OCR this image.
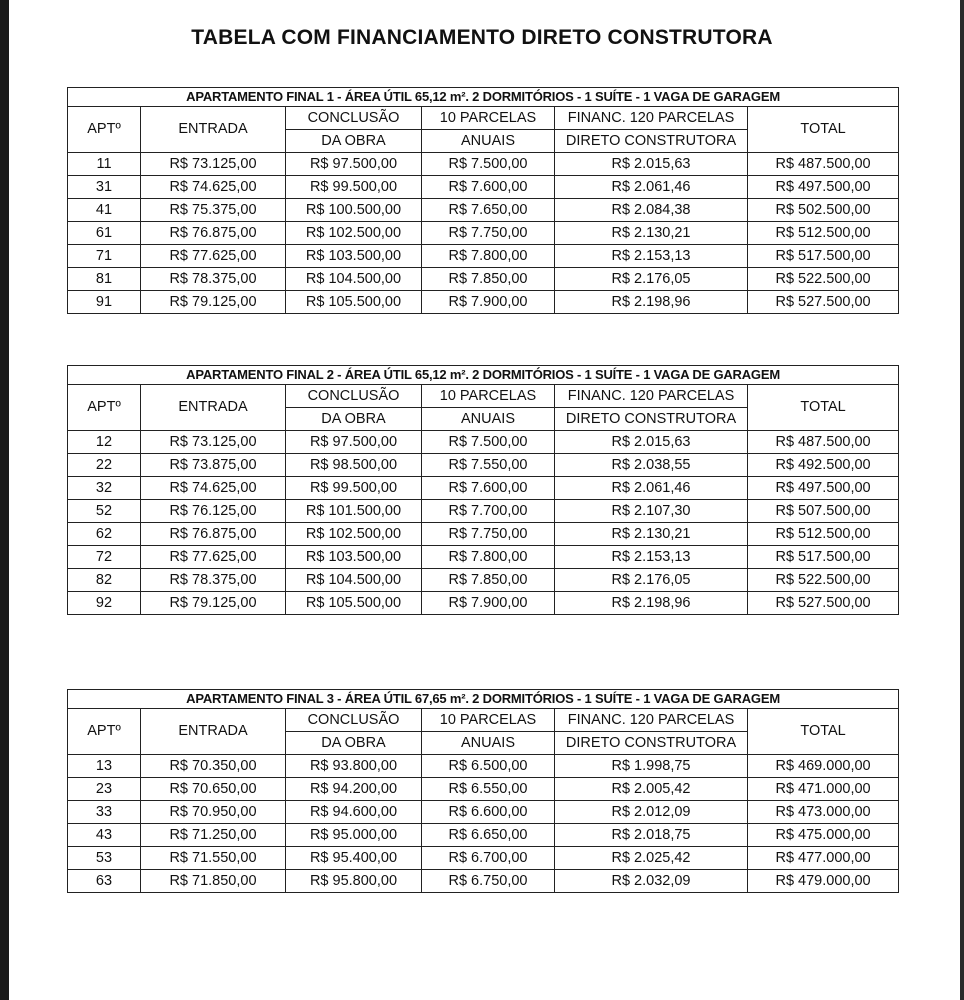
TABELA COM FINANCIAMENTO DIRETO CONSTRUTORA
APARTAMENTO FINAL 1 - ÁREA ÚTIL 65,12 m². 2 DORMITÓRIOS - 1 SUÍTE - 1 VAGA DE GARAGEM					
APTº	ENTRADA	CONCLUSÃO	10 PARCELAS	FINANC. 120 PARCELAS	TOTAL
		DA OBRA	ANUAIS	DIRETO CONSTRUTORA	
11	R$ 73.125,00	R$ 97.500,00	R$ 7.500,00	R$ 2.015,63	R$ 487.500,00
31	R$ 74.625,00	R$ 99.500,00	R$ 7.600,00	R$ 2.061,46	R$ 497.500,00
41	R$ 75.375,00	R$ 100.500,00	R$ 7.650,00	R$ 2.084,38	R$ 502.500,00
61	R$ 76.875,00	R$ 102.500,00	R$ 7.750,00	R$ 2.130,21	R$ 512.500,00
71	R$ 77.625,00	R$ 103.500,00	R$ 7.800,00	R$ 2.153,13	R$ 517.500,00
81	R$ 78.375,00	R$ 104.500,00	R$ 7.850,00	R$ 2.176,05	R$ 522.500,00
91	R$ 79.125,00	R$ 105.500,00	R$ 7.900,00	R$ 2.198,96	R$ 527.500,00
APARTAMENTO FINAL 2 - ÁREA ÚTIL 65,12 m². 2 DORMITÓRIOS - 1 SUÍTE - 1 VAGA DE GARAGEM					
APTº	ENTRADA	CONCLUSÃO	10 PARCELAS	FINANC. 120 PARCELAS	TOTAL
		DA OBRA	ANUAIS	DIRETO CONSTRUTORA	
12	R$ 73.125,00	R$ 97.500,00	R$ 7.500,00	R$ 2.015,63	R$ 487.500,00
22	R$ 73.875,00	R$ 98.500,00	R$ 7.550,00	R$ 2.038,55	R$ 492.500,00
32	R$ 74.625,00	R$ 99.500,00	R$ 7.600,00	R$ 2.061,46	R$ 497.500,00
52	R$ 76.125,00	R$ 101.500,00	R$ 7.700,00	R$ 2.107,30	R$ 507.500,00
62	R$ 76.875,00	R$ 102.500,00	R$ 7.750,00	R$ 2.130,21	R$ 512.500,00
72	R$ 77.625,00	R$ 103.500,00	R$ 7.800,00	R$ 2.153,13	R$ 517.500,00
82	R$ 78.375,00	R$ 104.500,00	R$ 7.850,00	R$ 2.176,05	R$ 522.500,00
92	R$ 79.125,00	R$ 105.500,00	R$ 7.900,00	R$ 2.198,96	R$ 527.500,00
APARTAMENTO FINAL 3 - ÁREA ÚTIL 67,65 m². 2 DORMITÓRIOS - 1 SUÍTE - 1 VAGA DE GARAGEM					
APTº	ENTRADA	CONCLUSÃO	10 PARCELAS	FINANC. 120 PARCELAS	TOTAL
		DA OBRA	ANUAIS	DIRETO CONSTRUTORA	
13	R$ 70.350,00	R$ 93.800,00	R$ 6.500,00	R$ 1.998,75	R$ 469.000,00
23	R$ 70.650,00	R$ 94.200,00	R$ 6.550,00	R$ 2.005,42	R$ 471.000,00
33	R$ 70.950,00	R$ 94.600,00	R$ 6.600,00	R$ 2.012,09	R$ 473.000,00
43	R$ 71.250,00	R$ 95.000,00	R$ 6.650,00	R$ 2.018,75	R$ 475.000,00
53	R$ 71.550,00	R$ 95.400,00	R$ 6.700,00	R$ 2.025,42	R$ 477.000,00
63	R$ 71.850,00	R$ 95.800,00	R$ 6.750,00	R$ 2.032,09	R$ 479.000,00
